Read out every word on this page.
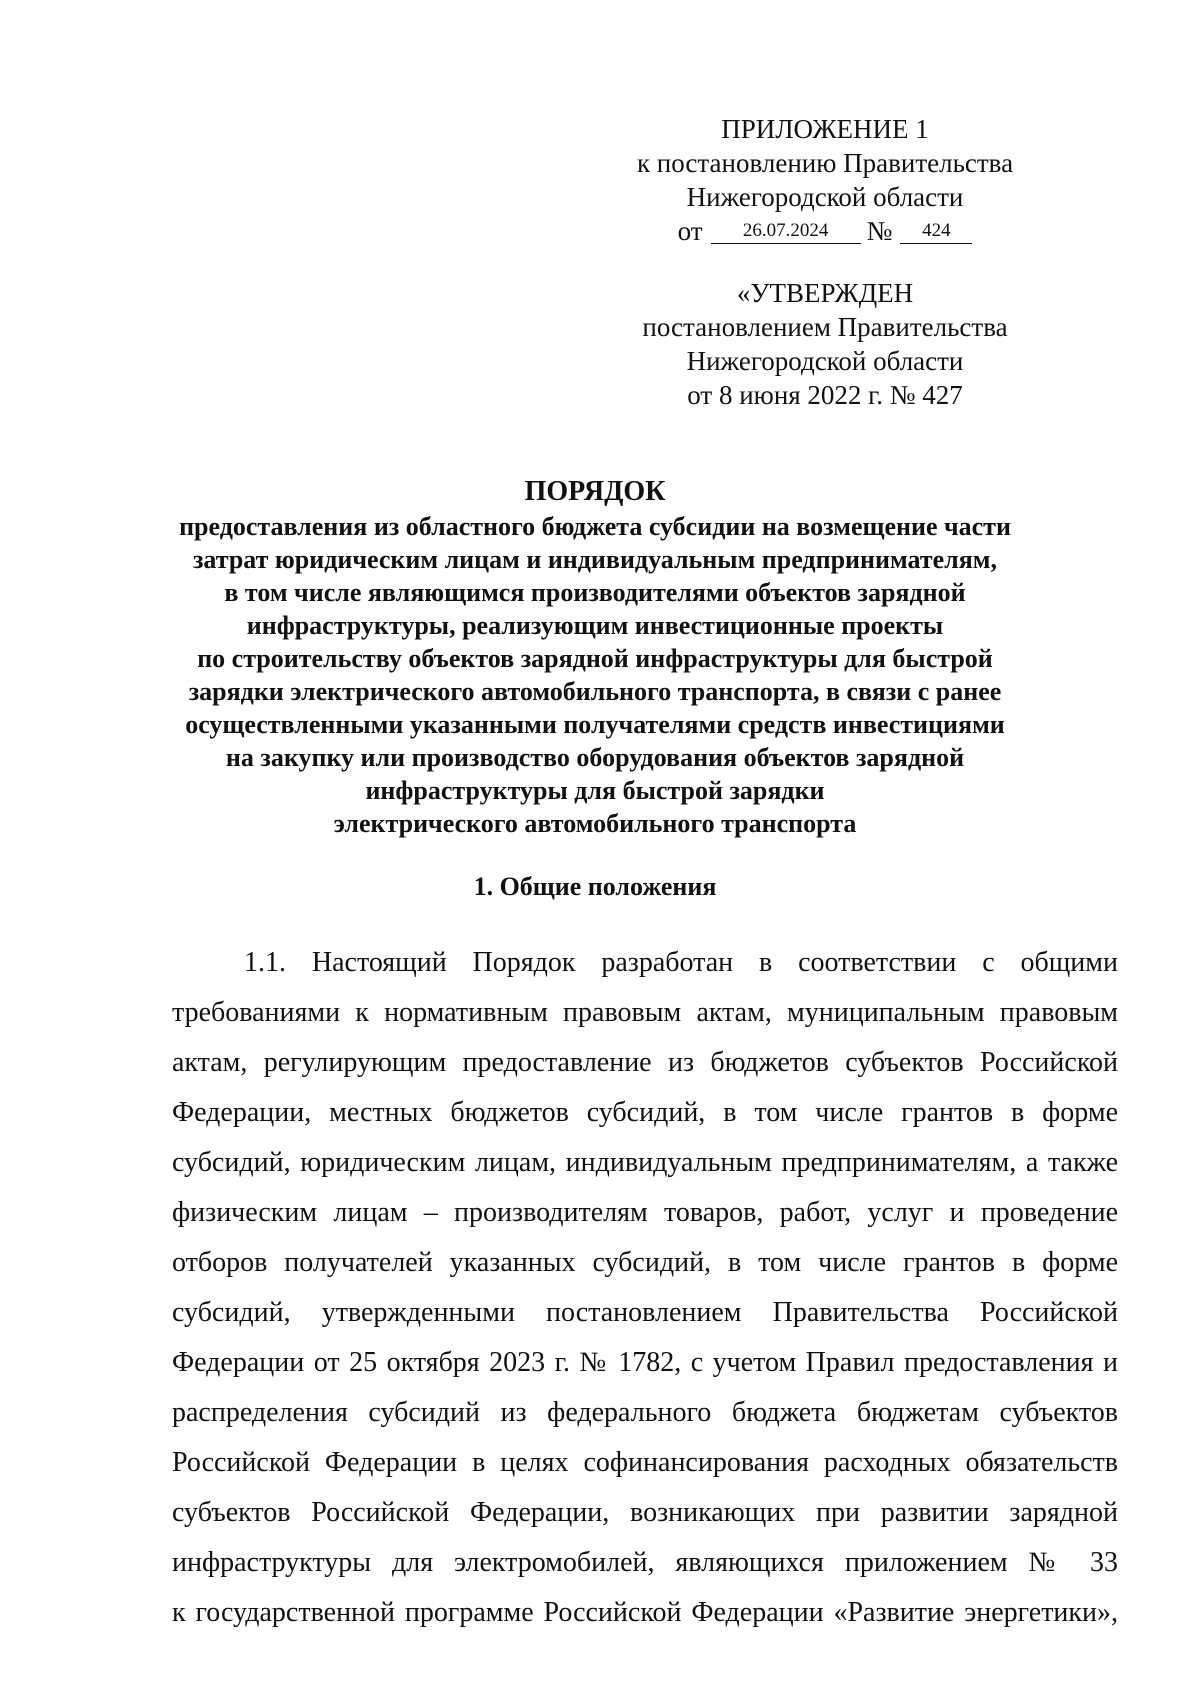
ПРИЛОЖЕНИЕ 1
к постановлению Правительства
Нижегородской области
от 26.07.2024 № 424
«УТВЕРЖДЕН
постановлением Правительства
Нижегородской области
от 8 июня 2022 г. № 427
ПОРЯДОК
предоставления из областного бюджета субсидии на возмещение части
затрат юридическим лицам и индивидуальным предпринимателям,
в том числе являющимся производителями объектов зарядной
инфраструктуры, реализующим инвестиционные проекты
по строительству объектов зарядной инфраструктуры для быстрой
зарядки электрического автомобильного транспорта, в связи с ранее
осуществленными указанными получателями средств инвестициями
на закупку или производство оборудования объектов зарядной
инфраструктуры для быстрой зарядки
электрического автомобильного транспорта
1. Общие положения
1.1. Настоящий Порядок разработан в соответствии с общими
требованиями к нормативным правовым актам, муниципальным правовым
актам, регулирующим предоставление из бюджетов субъектов Российской
Федерации, местных бюджетов субсидий, в том числе грантов в форме
субсидий, юридическим лицам, индивидуальным предпринимателям, а также
физическим лицам – производителям товаров, работ, услуг и проведение
отборов получателей указанных субсидий, в том числе грантов в форме
субсидий, утвержденными постановлением Правительства Российской
Федерации от 25 октября 2023 г. № 1782, с учетом Правил предоставления и
распределения субсидий из федерального бюджета бюджетам субъектов
Российской Федерации в целях софинансирования расходных обязательств
субъектов Российской Федерации, возникающих при развитии зарядной
инфраструктуры для электромобилей, являющихся приложением № 33
к государственной программе Российской Федерации «Развитие энергетики»,
